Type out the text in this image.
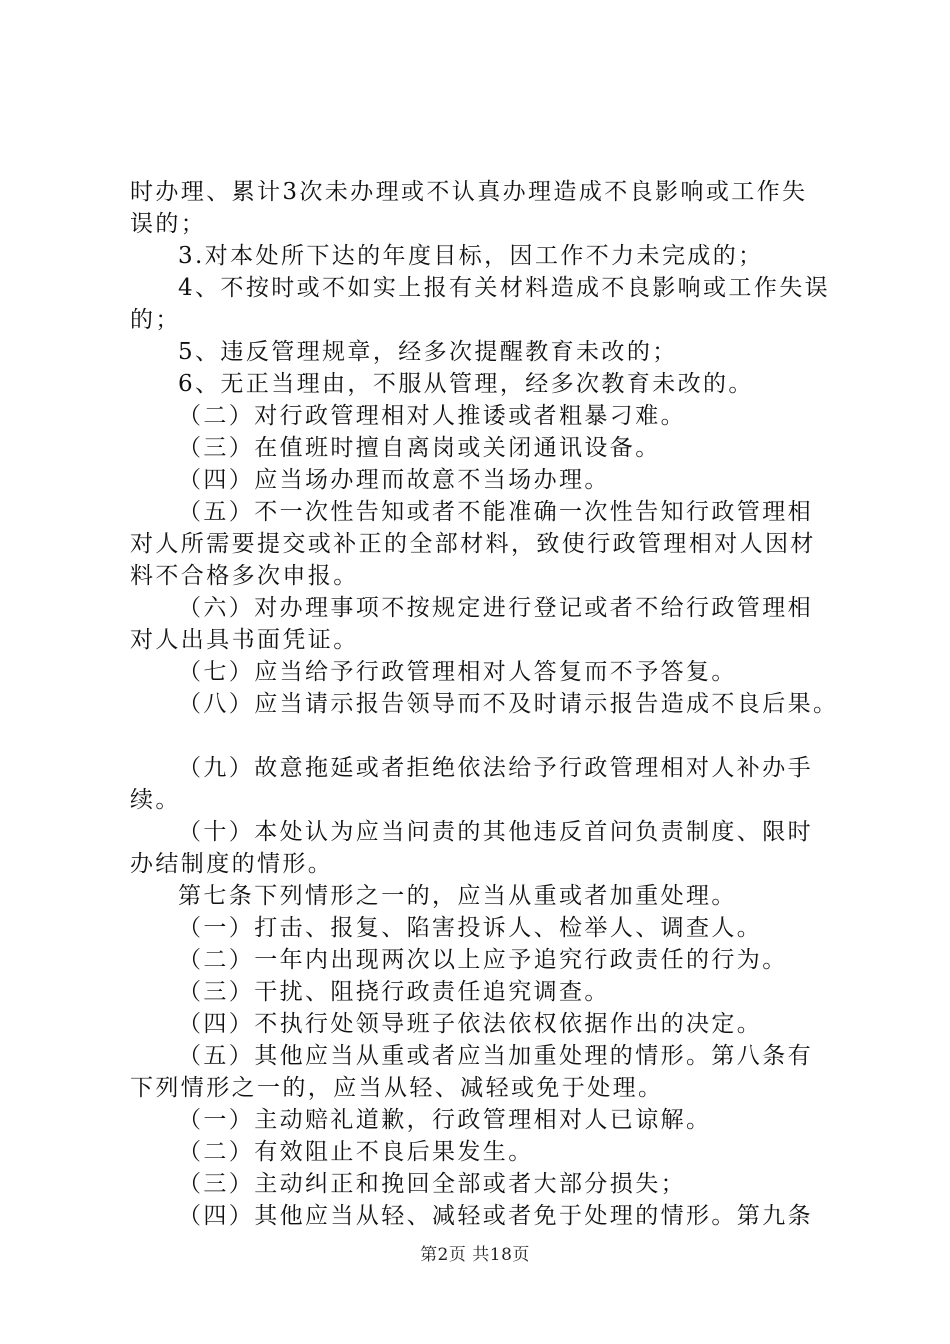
时办理、累计3次未办理或不认真办理造成不良影响或工作失
误的；
3.对本处所下达的年度目标，因工作不力未完成的；
4、不按时或不如实上报有关材料造成不良影响或工作失误
的；
5、违反管理规章，经多次提醒教育未改的；
6、无正当理由，不服从管理，经多次教育未改的。
（二）对行政管理相对人推诿或者粗暴刁难。
（三）在值班时擅自离岗或关闭通讯设备。
（四）应当场办理而故意不当场办理。
（五）不一次性告知或者不能准确一次性告知行政管理相
对人所需要提交或补正的全部材料，致使行政管理相对人因材
料不合格多次申报。
（六）对办理事项不按规定进行登记或者不给行政管理相
对人出具书面凭证。
（七）应当给予行政管理相对人答复而不予答复。
（八）应当请示报告领导而不及时请示报告造成不良后果。
（九）故意拖延或者拒绝依法给予行政管理相对人补办手
续。
（十）本处认为应当问责的其他违反首问负责制度、限时
办结制度的情形。
第七条下列情形之一的，应当从重或者加重处理。
（一）打击、报复、陷害投诉人、检举人、调查人。
（二）一年内出现两次以上应予追究行政责任的行为。
（三）干扰、阻挠行政责任追究调查。
（四）不执行处领导班子依法依权依据作出的决定。
（五）其他应当从重或者应当加重处理的情形。第八条有
下列情形之一的，应当从轻、减轻或免于处理。
（一）主动赔礼道歉，行政管理相对人已谅解。
（二）有效阻止不良后果发生。
（三）主动纠正和挽回全部或者大部分损失；
（四）其他应当从轻、减轻或者免于处理的情形。第九条
第2页 共18页
